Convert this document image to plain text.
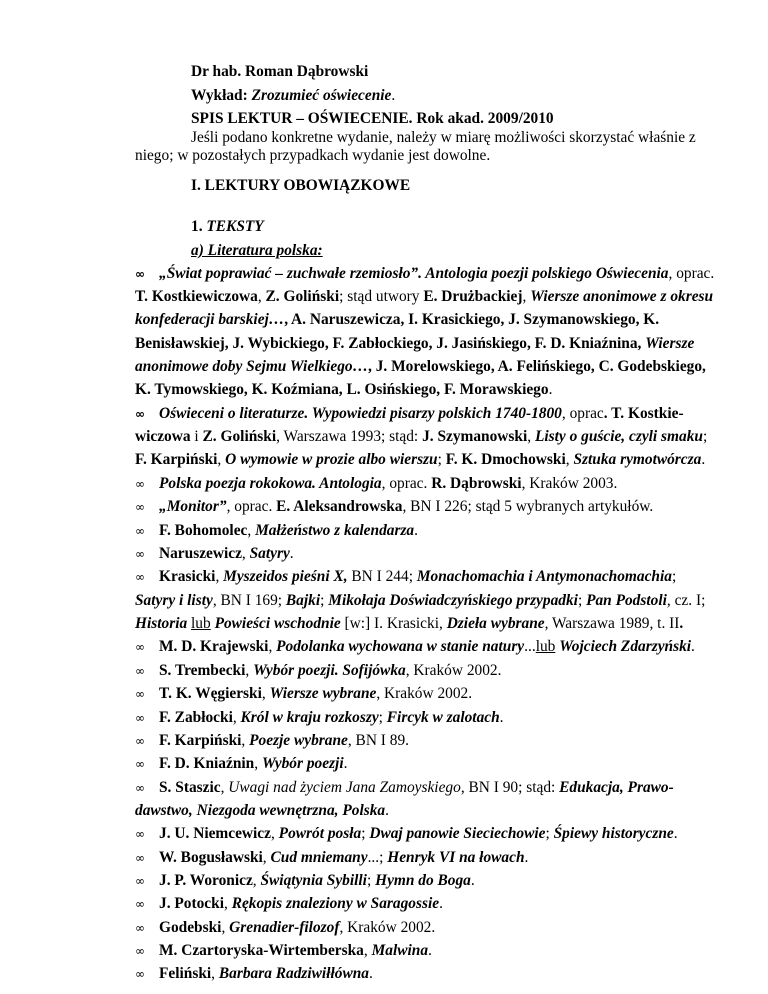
Dr hab. Roman Dąbrowski
Wykład: Zrozumieć oświecenie.
SPIS LEKTUR – OŚWIECENIE. Rok akad. 2009/2010
Jeśli podano konkretne wydanie, należy w miarę możliwości skorzystać właśnie z
niego; w pozostałych przypadkach wydanie jest dowolne.
I. LEKTURY OBOWIĄZKOWE
1. TEKSTY
a) Literatura polska:
∞ „Świat poprawiać – zuchwałe rzemiosło”. Antologia poezji polskiego Oświecenia, oprac.
T. Kostkiewiczowa, Z. Goliński; stąd utwory E. Drużbackiej, Wiersze anonimowe z okresu
konfederacji barskiej…, A. Naruszewicza, I. Krasickiego, J. Szymanowskiego, K.
Benisławskiej, J. Wybickiego, F. Zabłockiego, J. Jasińskiego, F. D. Kniaźnina, Wiersze
anonimowe doby Sejmu Wielkiego…, J. Morelowskiego, A. Felińskiego, C. Godebskiego,
K. Tymowskiego, K. Koźmiana, L. Osińskiego, F. Morawskiego.
∞ Oświeceni o literaturze. Wypowiedzi pisarzy polskich 1740-1800, oprac. T. Kostkie-
wiczowa i Z. Goliński, Warszawa 1993; stąd: J. Szymanowski, Listy o guście, czyli smaku;
F. Karpiński, O wymowie w prozie albo wierszu; F. K. Dmochowski, Sztuka rymotwórcza.
∞ Polska poezja rokokowa. Antologia, oprac. R. Dąbrowski, Kraków 2003.
∞ „Monitor”, oprac. E. Aleksandrowska, BN I 226; stąd 5 wybranych artykułów.
∞ F. Bohomolec, Małżeństwo z kalendarza.
∞ Naruszewicz, Satyry.
∞ Krasicki, Myszeidos pieśni X, BN I 244; Monachomachia i Antymonachomachia;
Satyry i listy, BN I 169; Bajki; Mikołaja Doświadczyńskiego przypadki; Pan Podstoli, cz. I;
Historia lub Powieści wschodnie [w:] I. Krasicki, Dzieła wybrane, Warszawa 1989, t. II.
∞ M. D. Krajewski, Podolanka wychowana w stanie natury...lub Wojciech Zdarzyński.
∞ S. Trembecki, Wybór poezji. Sofijówka, Kraków 2002.
∞ T. K. Węgierski, Wiersze wybrane, Kraków 2002.
∞ F. Zabłocki, Król w kraju rozkoszy; Fircyk w zalotach.
∞ F. Karpiński, Poezje wybrane, BN I 89.
∞ F. D. Kniaźnin, Wybór poezji.
∞ S. Staszic, Uwagi nad życiem Jana Zamoyskiego, BN I 90; stąd: Edukacja, Prawo-
dawstwo, Niezgoda wewnętrzna, Polska.
∞ J. U. Niemcewicz, Powrót posła; Dwaj panowie Sieciechowie; Śpiewy historyczne.
∞ W. Bogusławski, Cud mniemany...; Henryk VI na łowach.
∞ J. P. Woronicz, Świątynia Sybilli; Hymn do Boga.
∞ J. Potocki, Rękopis znaleziony w Saragossie.
∞ Godebski, Grenadier-filozof, Kraków 2002.
∞ M. Czartoryska-Wirtemberska, Malwina.
∞ Feliński, Barbara Radziwiłłówna.
